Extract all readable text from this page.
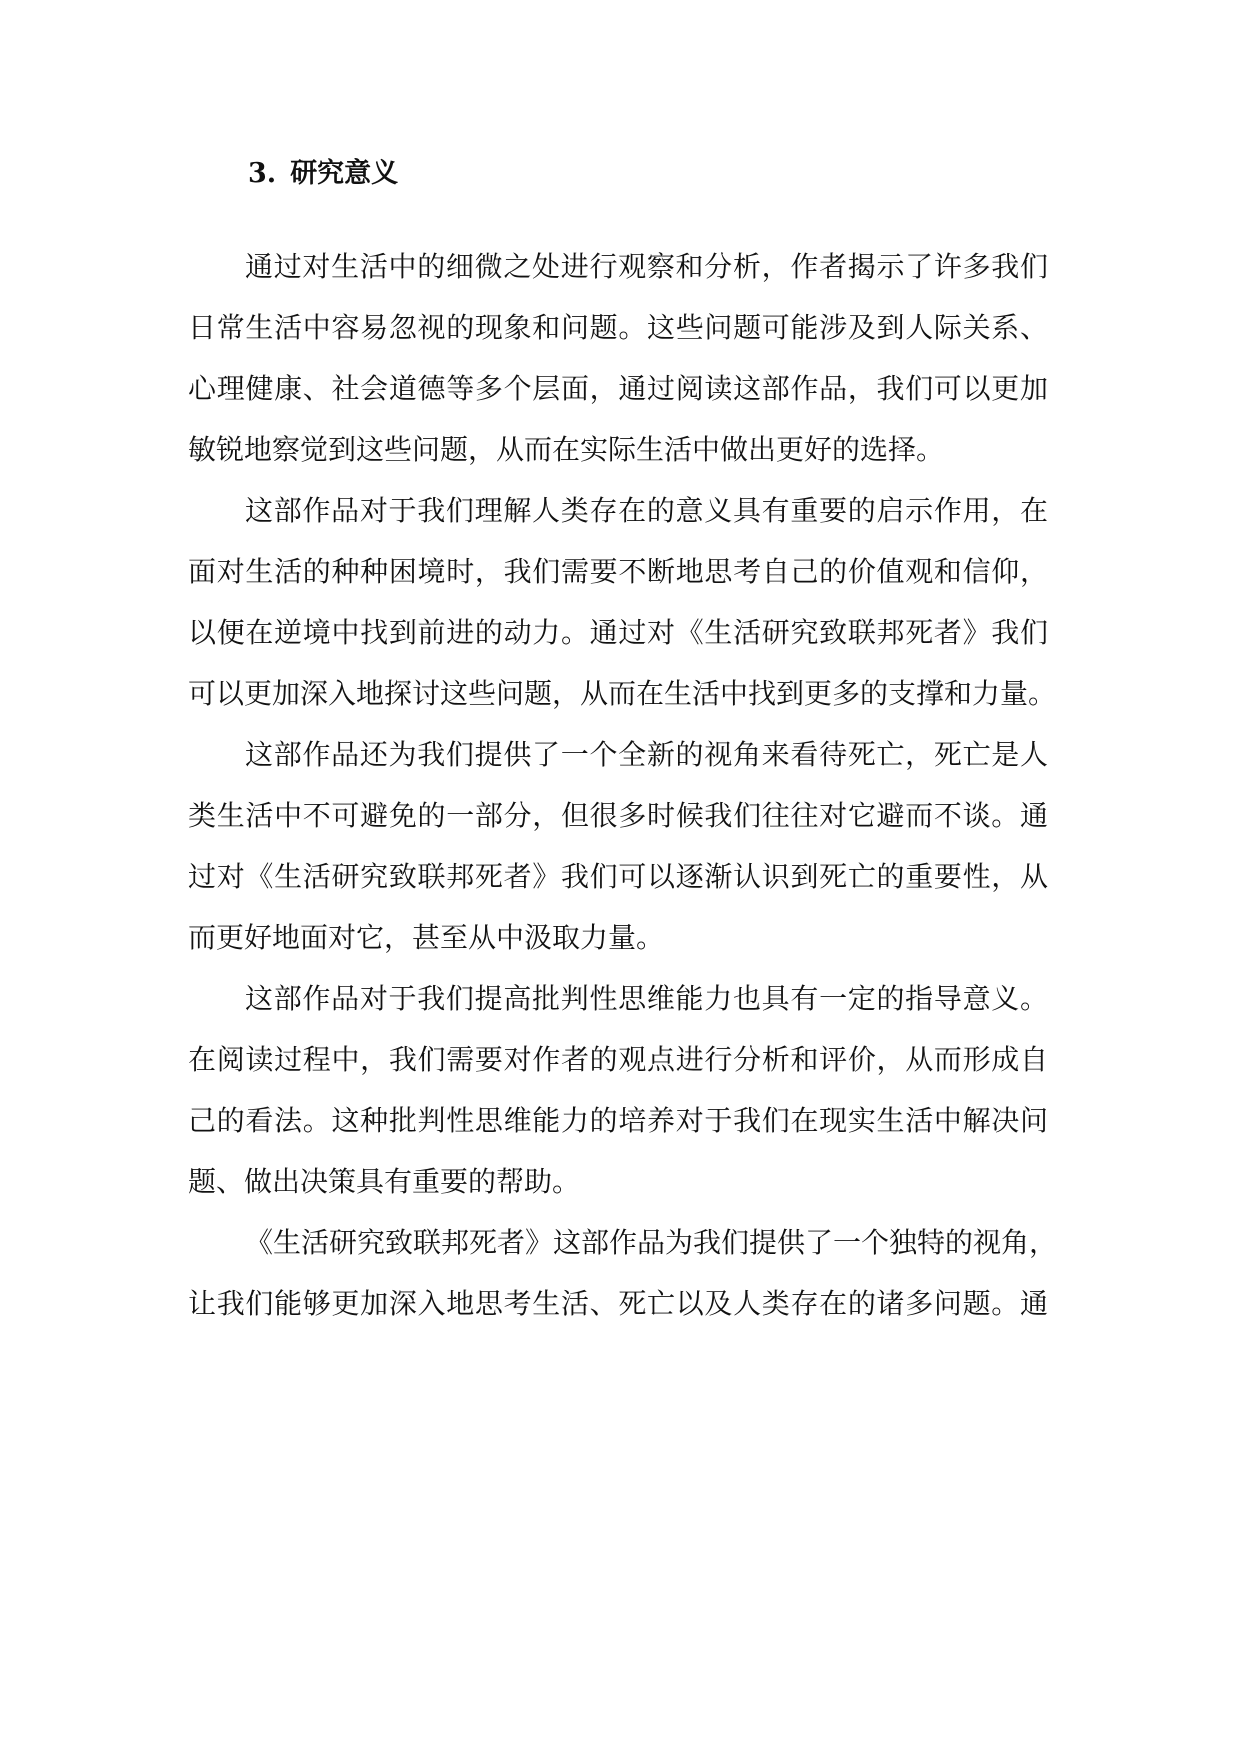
3. 研究意义
通过对生活中的细微之处进行观察和分析，作者揭示了许多我们
日常生活中容易忽视的现象和问题。这些问题可能涉及到人际关系、
心理健康、社会道德等多个层面，通过阅读这部作品，我们可以更加
敏锐地察觉到这些问题，从而在实际生活中做出更好的选择。
这部作品对于我们理解人类存在的意义具有重要的启示作用，在
面对生活的种种困境时，我们需要不断地思考自己的价值观和信仰，
以便在逆境中找到前进的动力。通过对《生活研究致联邦死者》我们
可以更加深入地探讨这些问题，从而在生活中找到更多的支撑和力量。
这部作品还为我们提供了一个全新的视角来看待死亡，死亡是人
类生活中不可避免的一部分，但很多时候我们往往对它避而不谈。通
过对《生活研究致联邦死者》我们可以逐渐认识到死亡的重要性，从
而更好地面对它，甚至从中汲取力量。
这部作品对于我们提高批判性思维能力也具有一定的指导意义。
在阅读过程中，我们需要对作者的观点进行分析和评价，从而形成自
己的看法。这种批判性思维能力的培养对于我们在现实生活中解决问
题、做出决策具有重要的帮助。
《生活研究致联邦死者》这部作品为我们提供了一个独特的视角，
让我们能够更加深入地思考生活、死亡以及人类存在的诸多问题。通
